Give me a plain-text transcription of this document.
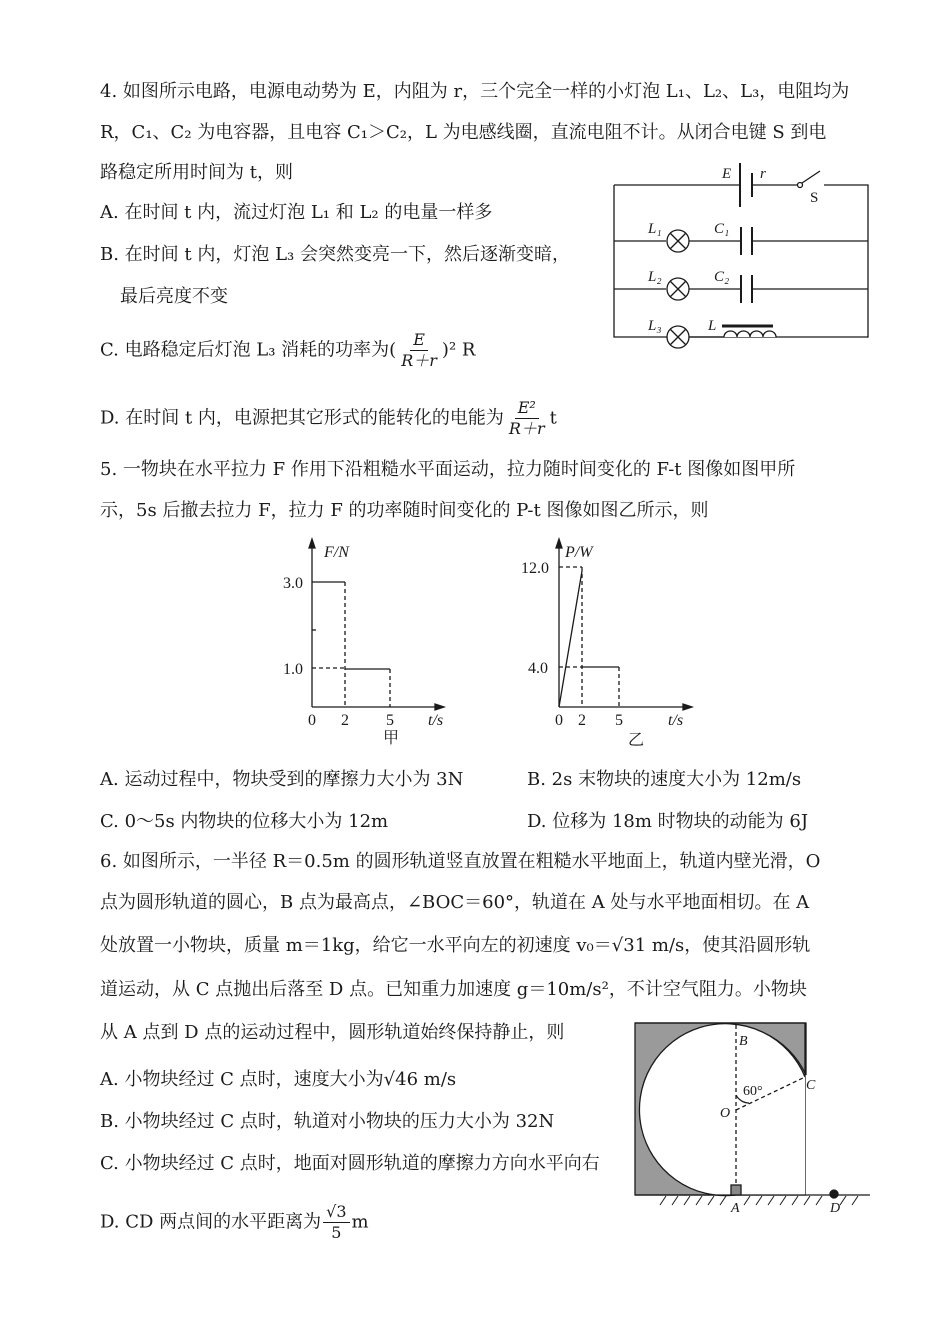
4. 如图所示电路，电源电动势为 E，内阻为 r，三个完全一样的小灯泡 L₁、L₂、L₃，电阻均为
R，C₁、C₂ 为电容器，且电容 C₁＞C₂，L 为电感线圈，直流电阻不计。从闭合电键 S 到电
路稳定所用时间为 t，则
A. 在时间 t 内，流过灯泡 L₁ 和 L₂ 的电量一样多
B. 在时间 t 内，灯泡 L₃ 会突然变亮一下，然后逐渐变暗，
最后亮度不变
C. 电路稳定后灯泡 L₃ 消耗的功率为( $\frac{E}{R+r} )^2$ R
D. 在时间 t 内，电源把其它形式的能转化的电能为 $\frac{\text{E²}}{R+r}$ t
E r
S
L₁	C₁
L₂	C₂
L₃	L
5. 一物块在水平拉力 F 作用下沿粗糙水平面运动，拉力随时间变化的 F-t 图像如图甲所
示，5s 后撤去拉力 F，拉力 F 的功率随时间变化的 P-t 图像如图乙所示，则
F/N
3.0
1.0
0 2 5 t/s
甲
P/W
12.0
4.0
0 2 5	t/s
乙
A. 运动过程中，物块受到的摩擦力大小为 3N	B. 2s 末物块的速度大小为 12m/s
C. 0～5s 内物块的位移大小为 12m	D. 位移为 18m 时物块的动能为 6J
6. 如图所示，一半径 R＝0.5m 的圆形轨道竖直放置在粗糙水平地面上，轨道内壁光滑，O
点为圆形轨道的圆心，B 点为最高点，∠BOC＝60°，轨道在 A 处与水平地面相切。在 A
处放置一小物块，质量 m＝1kg，给它一水平向左的初速度 v₀＝√31 m/s，使其沿圆形轨
道运动，从 C 点抛出后落至 D 点。已知重力加速度 g＝10m/s²，不计空气阻力。小物块
从 A 点到 D 点的运动过程中，圆形轨道始终保持静止，则
A. 小物块经过 C 点时，速度大小为√46 m/s
B. 小物块经过 C 点时，轨道对小物块的压力大小为 32N
C. 小物块经过 C 点时，地面对圆形轨道的摩擦力方向水平向右
D. CD 两点间的水平距离为 $\frac{√3}{5}$ m
B
C
O
60°
A	D
